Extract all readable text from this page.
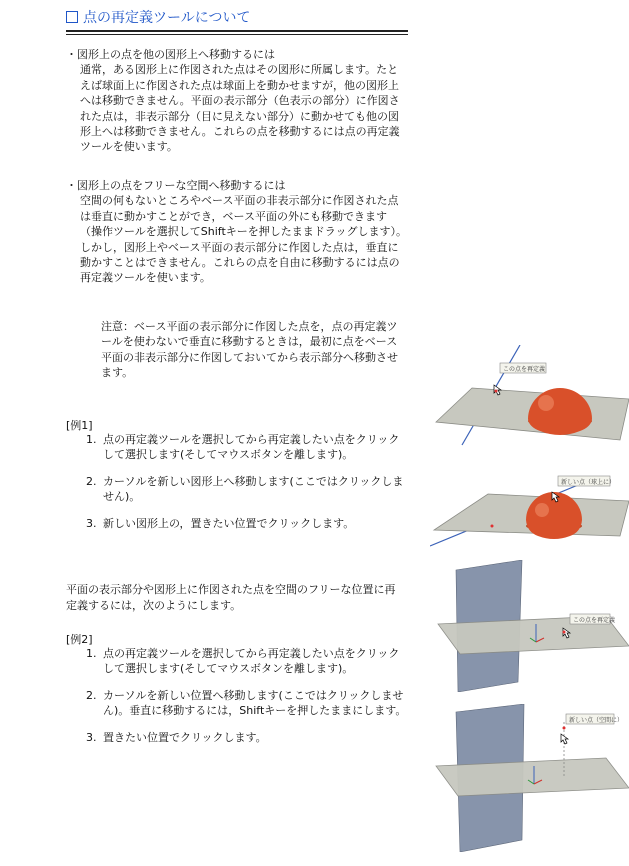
点の再定義ツールについて
・図形上の点を他の図形上へ移動するには
通常，ある図形上に作図された点はその図形に所属します。たとえば球面上に作図された点は球面上を動かせますが，他の図形上へは移動できません。平面の表示部分（色表示の部分）に作図された点は，非表示部分（目に見えない部分）に動かせても他の図形上へは移動できません。これらの点を移動するには点の再定義ツールを使います。
・図形上の点をフリーな空間へ移動するには
空間の何もないところやベース平面の非表示部分に作図された点は垂直に動かすことができ，ベース平面の外にも移動できます（操作ツールを選択してShiftキーを押したままドラッグします）。しかし，図形上やベース平面の表示部分に作図した点は，垂直に動かすことはできません。これらの点を自由に移動するには点の再定義ツールを使います。
注意：ベース平面の表示部分に作図した点を，点の再定義ツールを使わないで垂直に移動するときは，最初に点をベース平面の非表示部分に作図しておいてから表示部分へ移動させます。
[例1]
1. 点の再定義ツールを選択してから再定義したい点をクリックして選択します(そしてマウスボタンを離します)。
2. カーソルを新しい図形上へ移動します(ここではクリックしません)。
3. 新しい図形上の，置きたい位置でクリックします。
平面の表示部分や図形上に作図された点を空間のフリーな位置に再定義するには，次のようにします。
[例2]
1. 点の再定義ツールを選択してから再定義したい点をクリックして選択します(そしてマウスボタンを離します)。
2. カーソルを新しい位置へ移動します(ここではクリックしません)。垂直に移動するには，Shiftキーを押したままにします。
3. 置きたい位置でクリックします。
この点を再定義
新しい点（球上に）
この点を再定義
新しい点（空間に）
